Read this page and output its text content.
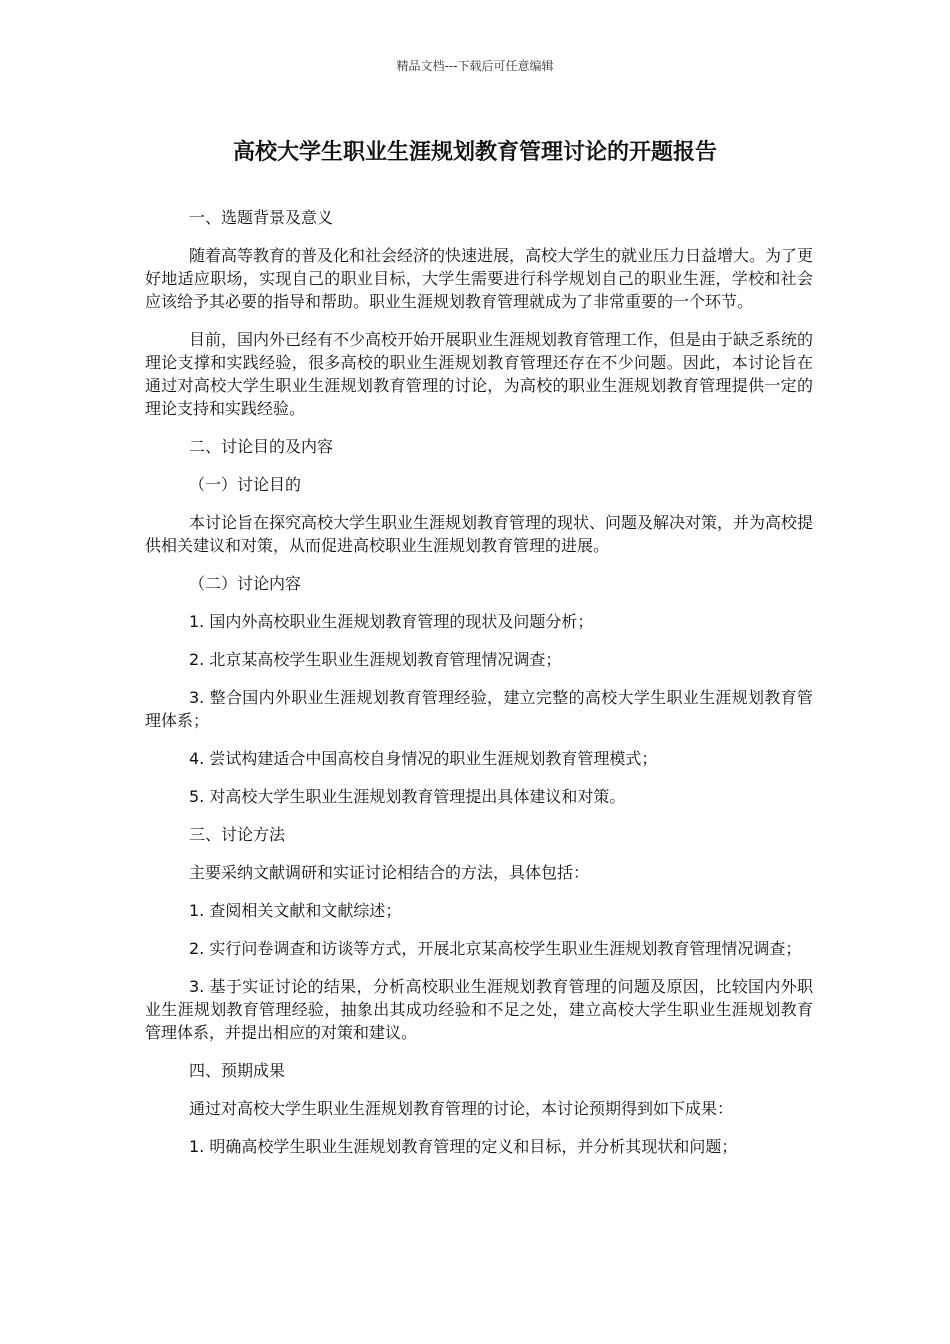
精品文档---下载后可任意编辑
高校大学生职业生涯规划教育管理讨论的开题报告

一、选题背景及意义

随着高等教育的普及化和社会经济的快速进展，高校大学生的就业压力日益增大。为了更好地适应职场，实现自己的职业目标，大学生需要进行科学规划自己的职业生涯，学校和社会应该给予其必要的指导和帮助。职业生涯规划教育管理就成为了非常重要的一个环节。

目前，国内外已经有不少高校开始开展职业生涯规划教育管理工作，但是由于缺乏系统的理论支撑和实践经验，很多高校的职业生涯规划教育管理还存在不少问题。因此，本讨论旨在通过对高校大学生职业生涯规划教育管理的讨论，为高校的职业生涯规划教育管理提供一定的理论支持和实践经验。

二、讨论目的及内容

（一）讨论目的

本讨论旨在探究高校大学生职业生涯规划教育管理的现状、问题及解决对策，并为高校提供相关建议和对策，从而促进高校职业生涯规划教育管理的进展。

（二）讨论内容

1. 国内外高校职业生涯规划教育管理的现状及问题分析；

2. 北京某高校学生职业生涯规划教育管理情况调查；

3. 整合国内外职业生涯规划教育管理经验，建立完整的高校大学生职业生涯规划教育管理体系；

4. 尝试构建适合中国高校自身情况的职业生涯规划教育管理模式；

5. 对高校大学生职业生涯规划教育管理提出具体建议和对策。

三、讨论方法

主要采纳文献调研和实证讨论相结合的方法，具体包括：

1. 查阅相关文献和文献综述；

2. 实行问卷调查和访谈等方式，开展北京某高校学生职业生涯规划教育管理情况调查；

3. 基于实证讨论的结果，分析高校职业生涯规划教育管理的问题及原因，比较国内外职业生涯规划教育管理经验，抽象出其成功经验和不足之处，建立高校大学生职业生涯规划教育管理体系，并提出相应的对策和建议。

四、预期成果

通过对高校大学生职业生涯规划教育管理的讨论，本讨论预期得到如下成果：

1. 明确高校学生职业生涯规划教育管理的定义和目标，并分析其现状和问题；
